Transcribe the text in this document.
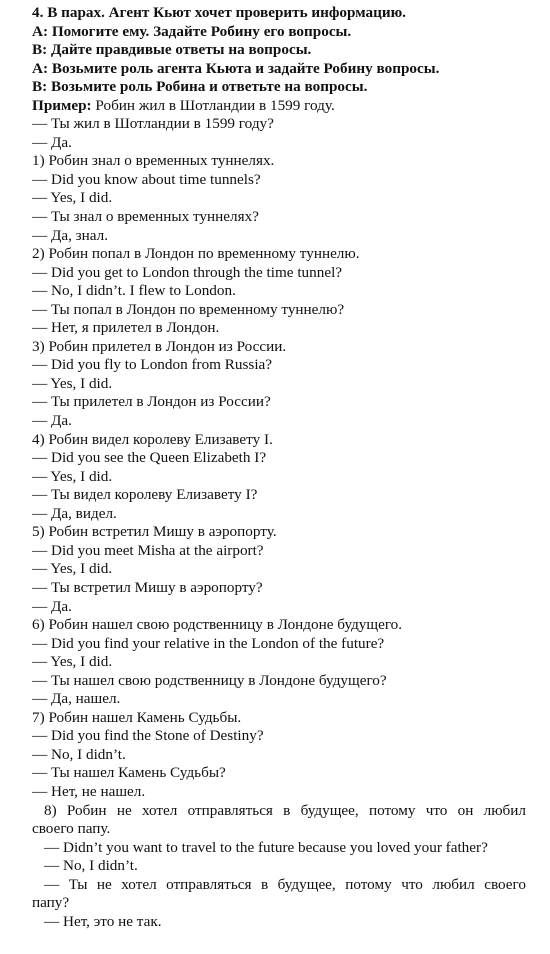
4. В парах. Агент Кьют хочет проверить информацию.
А: Помогите ему. Задайте Робину его вопросы.
В: Дайте правдивые ответы на вопросы.
А: Возьмите роль агента Кьюта и задайте Робину вопросы.
В: Возьмите роль Робина и ответьте на вопросы.
Пример: Робин жил в Шотландии в 1599 году.
— Ты жил в Шотландии в 1599 году?
— Да.
1) Робин знал о временных туннелях.
— Did you know about time tunnels?
— Yes, I did.
— Ты знал о временных туннелях?
— Да, знал.
2) Робин попал в Лондон по временному туннелю.
— Did you get to London through the time tunnel?
— No, I didn’t. I flew to London.
— Ты попал в Лондон по временному туннелю?
— Нет, я прилетел в Лондон.
3) Робин прилетел в Лондон из России.
— Did you fly to London from Russia?
— Yes, I did.
— Ты прилетел в Лондон из России?
— Да.
4) Робин видел королеву Елизавету I.
— Did you see the Queen Elizabeth I?
— Yes, I did.
— Ты видел королеву Елизавету I?
— Да, видел.
5) Робин встретил Мишу в аэропорту.
— Did you meet Misha at the airport?
— Yes, I did.
— Ты встретил Мишу в аэропорту?
— Да.
6) Робин нашел свою родственницу в Лондоне будущего.
— Did you find your relative in the London of the future?
— Yes, I did.
— Ты нашел свою родственницу в Лондоне будущего?
— Да, нашел.
7) Робин нашел Камень Судьбы.
— Did you find the Stone of Destiny?
— No, I didn’t.
— Ты нашел Камень Судьбы?
— Нет, не нашел.
8) Робин не хотел отправляться в будущее, потому что он любил
своего папу.
— Didn’t you want to travel to the future because you loved your father?
— No, I didn’t.
— Ты не хотел отправляться в будущее, потому что любил своего
папу?
— Нет, это не так.
